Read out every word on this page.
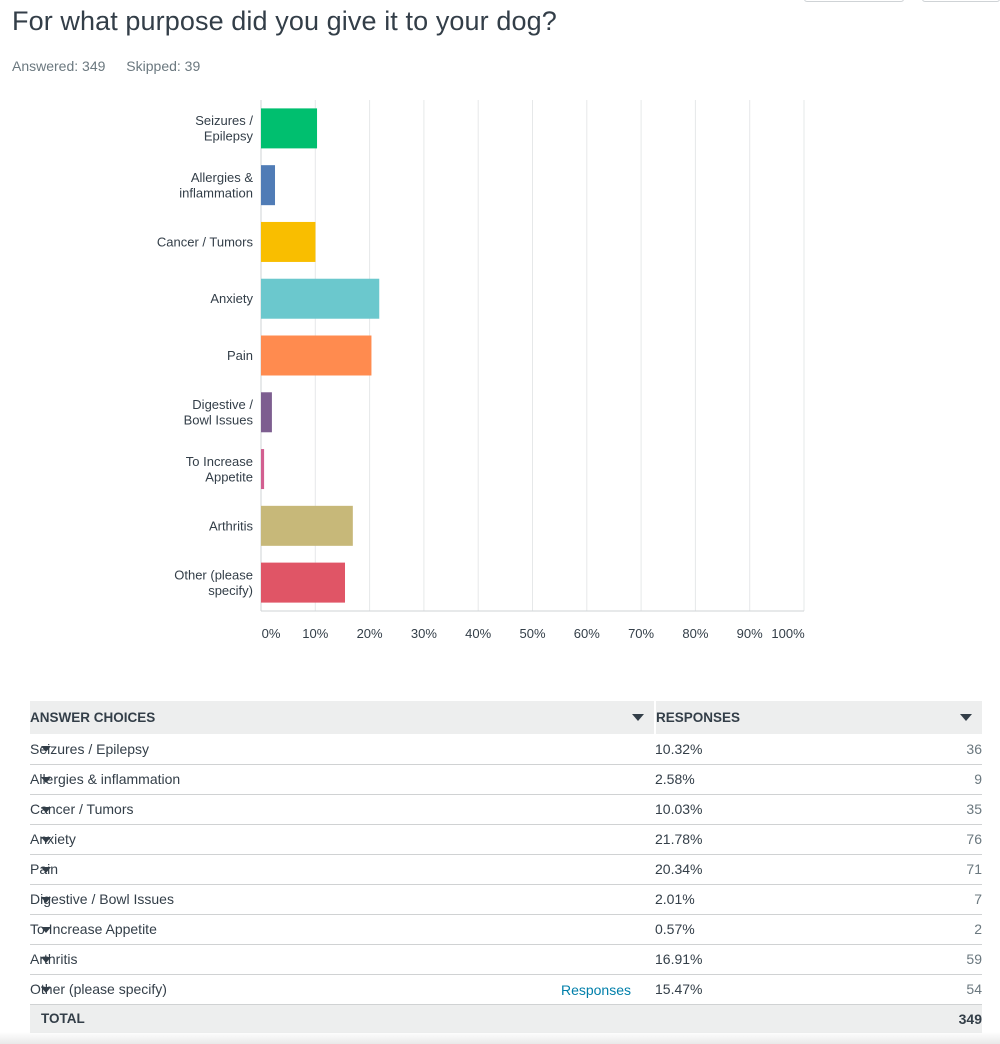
For what purpose did you give it to your dog?
Answered: 349 Skipped: 39
0% 10% 20% 30% 40% 50% 60% 70% 80% 90% 100%
Seizures /
Epilepsy
Allergies &
inflammation
Cancer / Tumors
Anxiety
Pain
Digestive /
Bowl Issues
To Increase
Appetite
Arthritis
Other (please
specify)
ANSWER CHOICES	RESPONSES	

Seizures / Epilepsy	10.32%	36

Allergies & inflammation	2.58%	9

Cancer / Tumors	10.03%	35

Anxiety	21.78%	76

Pain	20.34%	71

Digestive / Bowl Issues	2.01%	7

To Increase Appetite	0.57%	2

Arthritis	16.91%	59

Other (please specify) Responses	15.47%	54
TOTAL		349
